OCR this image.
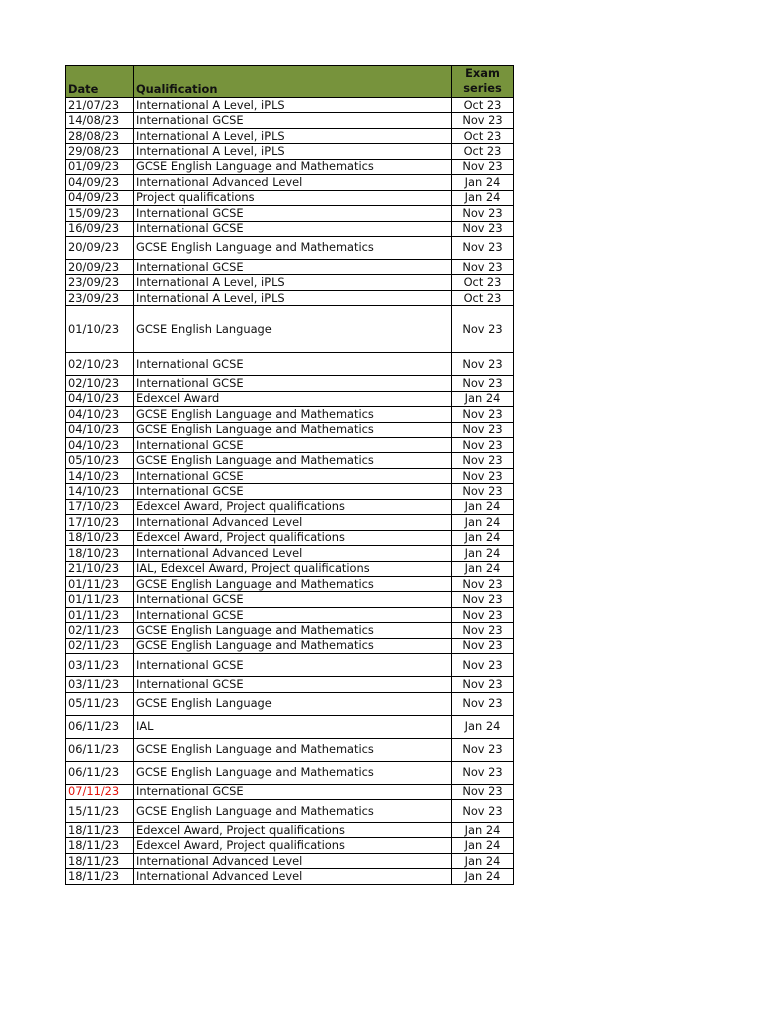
Date	Qualification	Exam series
21/07/23	International A Level, iPLS	Oct 23
14/08/23	International GCSE	Nov 23
28/08/23	International A Level, iPLS	Oct 23
29/08/23	International A Level, iPLS	Oct 23
01/09/23	GCSE English Language and Mathematics	Nov 23
04/09/23	International Advanced Level	Jan 24
04/09/23	Project qualifications	Jan 24
15/09/23	International GCSE	Nov 23
16/09/23	International GCSE	Nov 23
20/09/23	GCSE English Language and Mathematics	Nov 23
20/09/23	International GCSE	Nov 23
23/09/23	International A Level, iPLS	Oct 23
23/09/23	International A Level, iPLS	Oct 23
01/10/23	GCSE English Language	Nov 23
02/10/23	International GCSE	Nov 23
02/10/23	International GCSE	Nov 23
04/10/23	Edexcel Award	Jan 24
04/10/23	GCSE English Language and Mathematics	Nov 23
04/10/23	GCSE English Language and Mathematics	Nov 23
04/10/23	International GCSE	Nov 23
05/10/23	GCSE English Language and Mathematics	Nov 23
14/10/23	International GCSE	Nov 23
14/10/23	International GCSE	Nov 23
17/10/23	Edexcel Award, Project qualifications	Jan 24
17/10/23	International Advanced Level	Jan 24
18/10/23	Edexcel Award, Project qualifications	Jan 24
18/10/23	International Advanced Level	Jan 24
21/10/23	IAL, Edexcel Award, Project qualifications	Jan 24
01/11/23	GCSE English Language and Mathematics	Nov 23
01/11/23	International GCSE	Nov 23
01/11/23	International GCSE	Nov 23
02/11/23	GCSE English Language and Mathematics	Nov 23
02/11/23	GCSE English Language and Mathematics	Nov 23
03/11/23	International GCSE	Nov 23
03/11/23	International GCSE	Nov 23
05/11/23	GCSE English Language	Nov 23
06/11/23	IAL	Jan 24
06/11/23	GCSE English Language and Mathematics	Nov 23
06/11/23	GCSE English Language and Mathematics	Nov 23
07/11/23	International GCSE	Nov 23
15/11/23	GCSE English Language and Mathematics	Nov 23
18/11/23	Edexcel Award, Project qualifications	Jan 24
18/11/23	Edexcel Award, Project qualifications	Jan 24
18/11/23	International Advanced Level	Jan 24
18/11/23	International Advanced Level	Jan 24
